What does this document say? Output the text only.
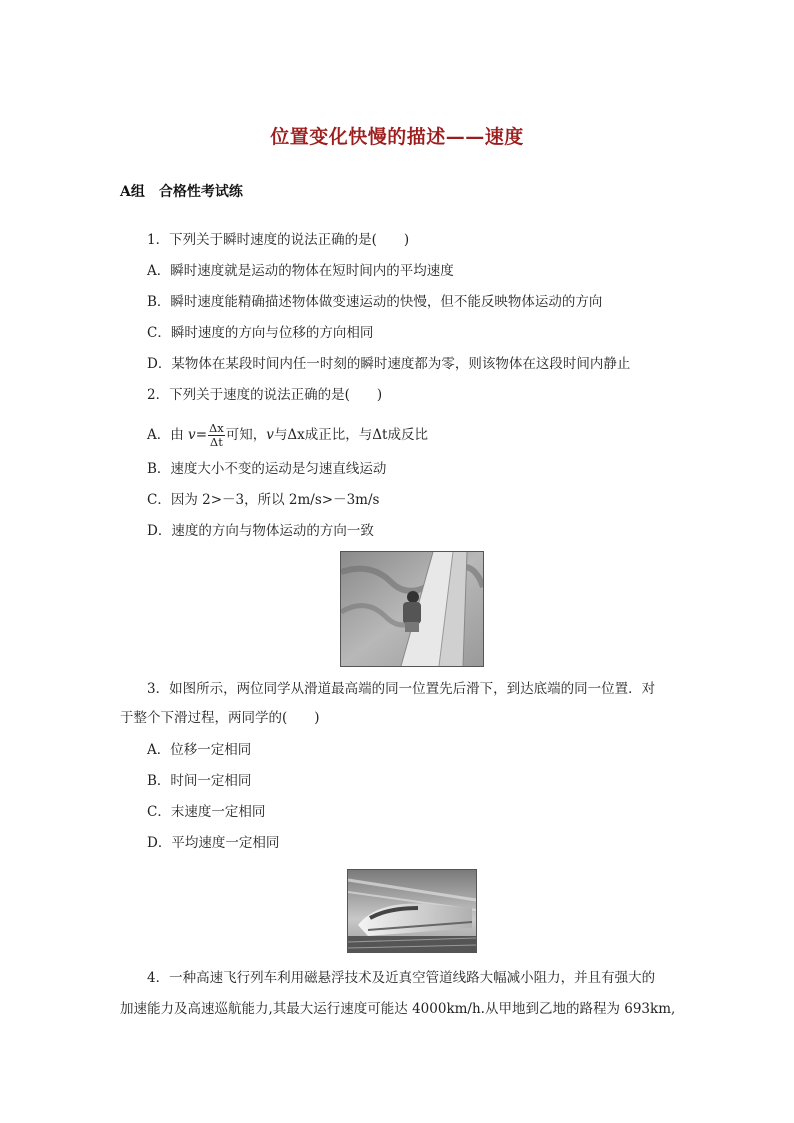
位置变化快慢的描述——速度
A组　合格性考试练
1．下列关于瞬时速度的说法正确的是(　　)
A．瞬时速度就是运动的物体在短时间内的平均速度
B．瞬时速度能精确描述物体做变速运动的快慢，但不能反映物体运动的方向
C．瞬时速度的方向与位移的方向相同
D．某物体在某段时间内任一时刻的瞬时速度都为零，则该物体在这段时间内静止
2．下列关于速度的说法正确的是(　　)
A．由 $v= \frac{\Delta x}{\Delta t}$ 可知，v与Δx成正比，与Δt成反比
B．速度大小不变的运动是匀速直线运动
C．因为 2>－3，所以 2m/s>－3m/s
D．速度的方向与物体运动的方向一致
3．如图所示，两位同学从滑道最高端的同一位置先后滑下，到达底端的同一位置．对
于整个下滑过程，两同学的(　　)
A．位移一定相同
B．时间一定相同
C．末速度一定相同
D．平均速度一定相同
4．一种高速飞行列车利用磁悬浮技术及近真空管道线路大幅减小阻力，并且有强大的
加速能力及高速巡航能力,其最大运行速度可能达 4000km/h.从甲地到乙地的路程为 693km,
